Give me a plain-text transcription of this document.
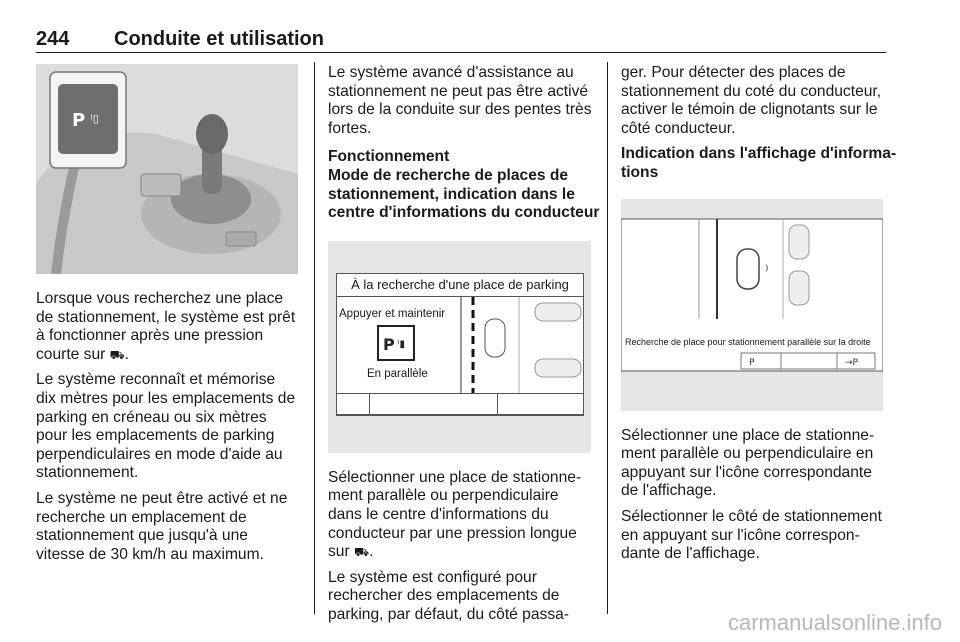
244 Conduite et utilisation
P ⁾▯

Lorsque vous recherchez une place
de stationnement, le système est prêt
à fonctionner après une pression
courte sur ⛟.

Le système reconnaît et mémorise
dix mètres pour les emplacements de
parking en créneau ou six mètres
pour les emplacements de parking
perpendiculaires en mode d'aide au
stationnement.

Le système ne peut être activé et ne
recherche un emplacement de
stationnement que jusqu'à une
vitesse de 30 km/h au maximum.

Le système avancé d'assistance au
stationnement ne peut pas être activé
lors de la conduite sur des pentes très
fortes.

Fonctionnement
Mode de recherche de places de
stationnement, indication dans le
centre d'informations du conducteur
À la recherche d'une place de parking
Appuyer et maintenir
P ⁾▮
En parallèle

Sélectionner une place de stationne-
ment parallèle ou perpendiculaire
dans le centre d'informations du
conducteur par une pression longue
sur ⛟.

Le système est configuré pour
rechercher des emplacements de
parking, par défaut, du côté passa-

ger. Pour détecter des places de
stationnement du coté du conducteur,
activer le témoin de clignotants sur le
côté conducteur.

Indication dans l'affichage d'informa-
tions
⁾
P	→P
Recherche de place pour stationnement parallèle sur la droite

Sélectionner une place de stationne-
ment parallèle ou perpendiculaire en
appuyant sur l'icône correspondante
de l'affichage.

Sélectionner le côté de stationnement
en appuyant sur l'icône correspon-
dante de l'affichage.

carmanualsonline.info
